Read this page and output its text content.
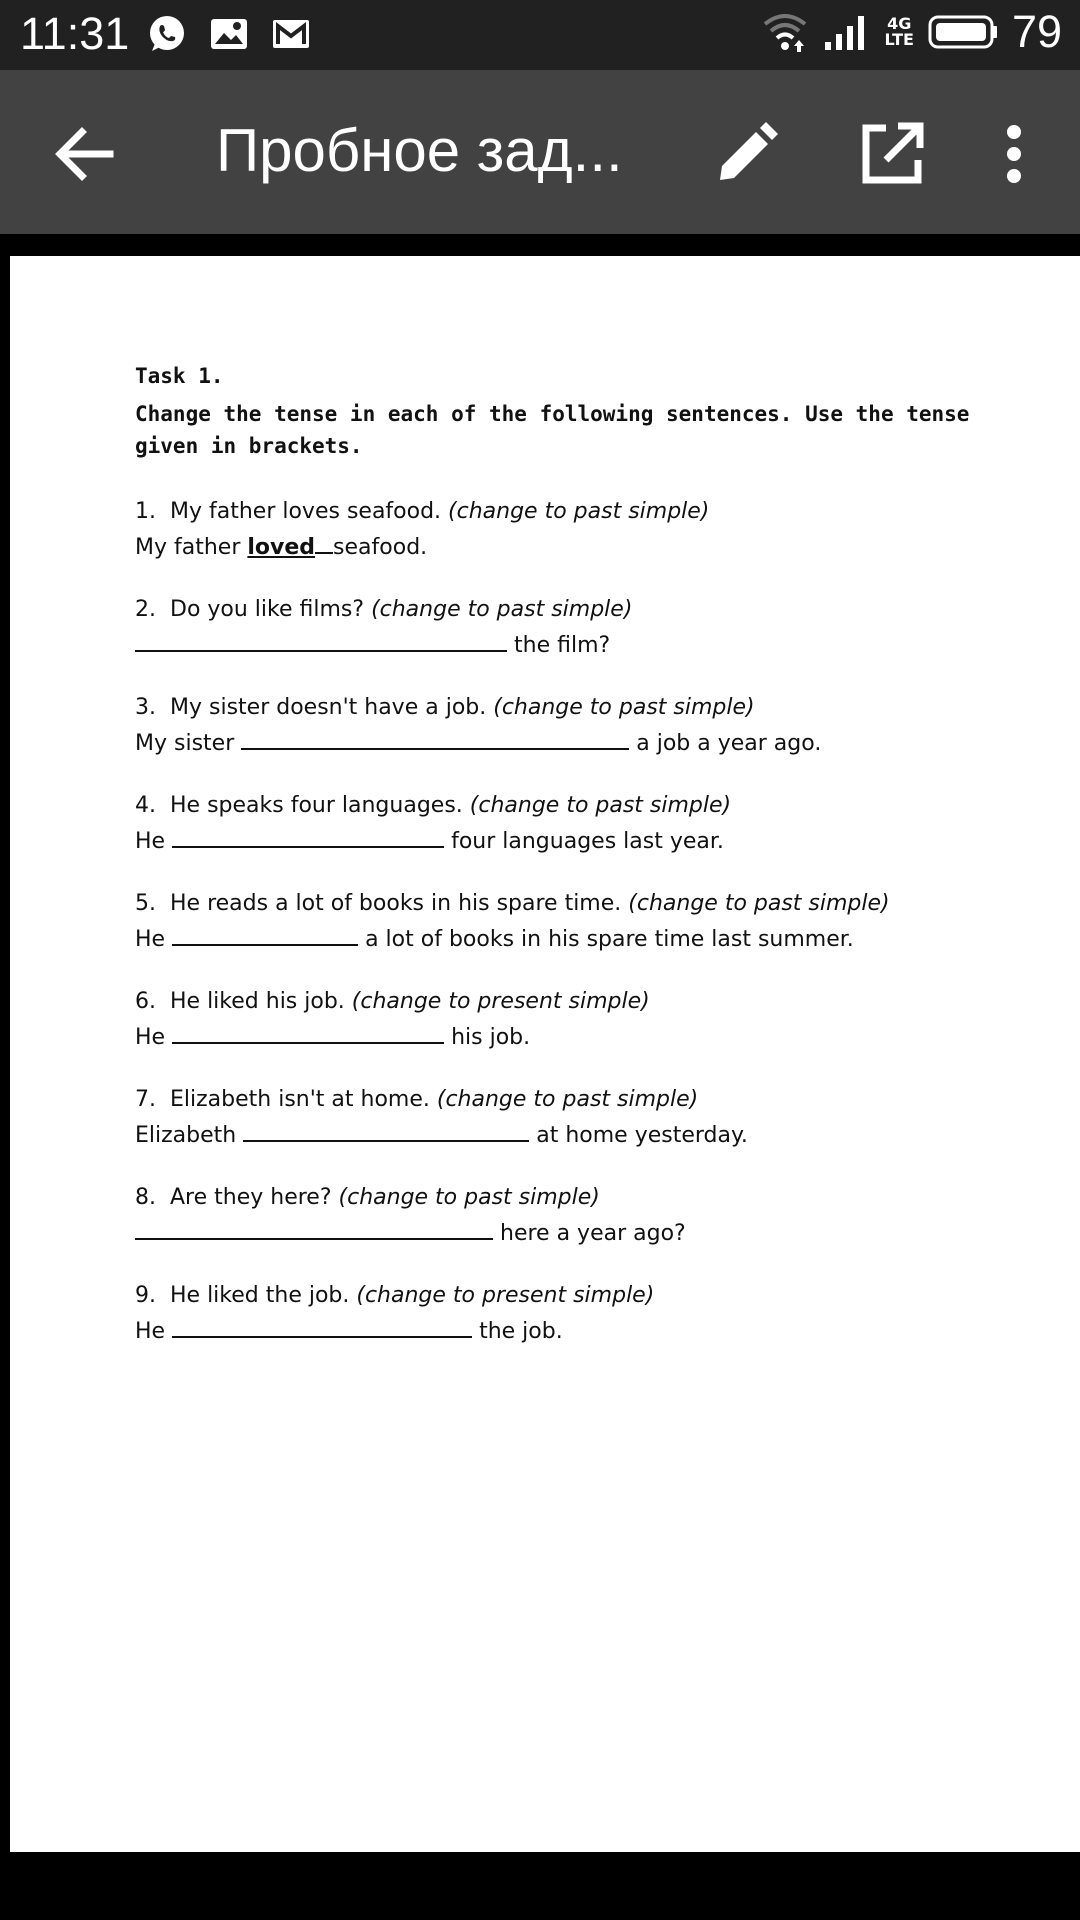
11:31	4G
LTE 79
Пробное зад...

Task 1.

Change the tense in each of the following sentences. Use the tense given in brackets.

1. My father loves seafood. (change to past simple)
My father loved seafood.
2. Do you like films? (change to past simple)
the film?
3. My sister doesn't have a job. (change to past simple)
My sister	a job a year ago.
4. He speaks four languages. (change to past simple)
He	four languages last year.
5. He reads a lot of books in his spare time. (change to past simple)
He	a lot of books in his spare time last summer.
6. He liked his job. (change to present simple)
He	his job.
7. Elizabeth isn't at home. (change to past simple)
Elizabeth	at home yesterday.
8. Are they here? (change to past simple)
here a year ago?
9. He liked the job. (change to present simple)
He	the job.
